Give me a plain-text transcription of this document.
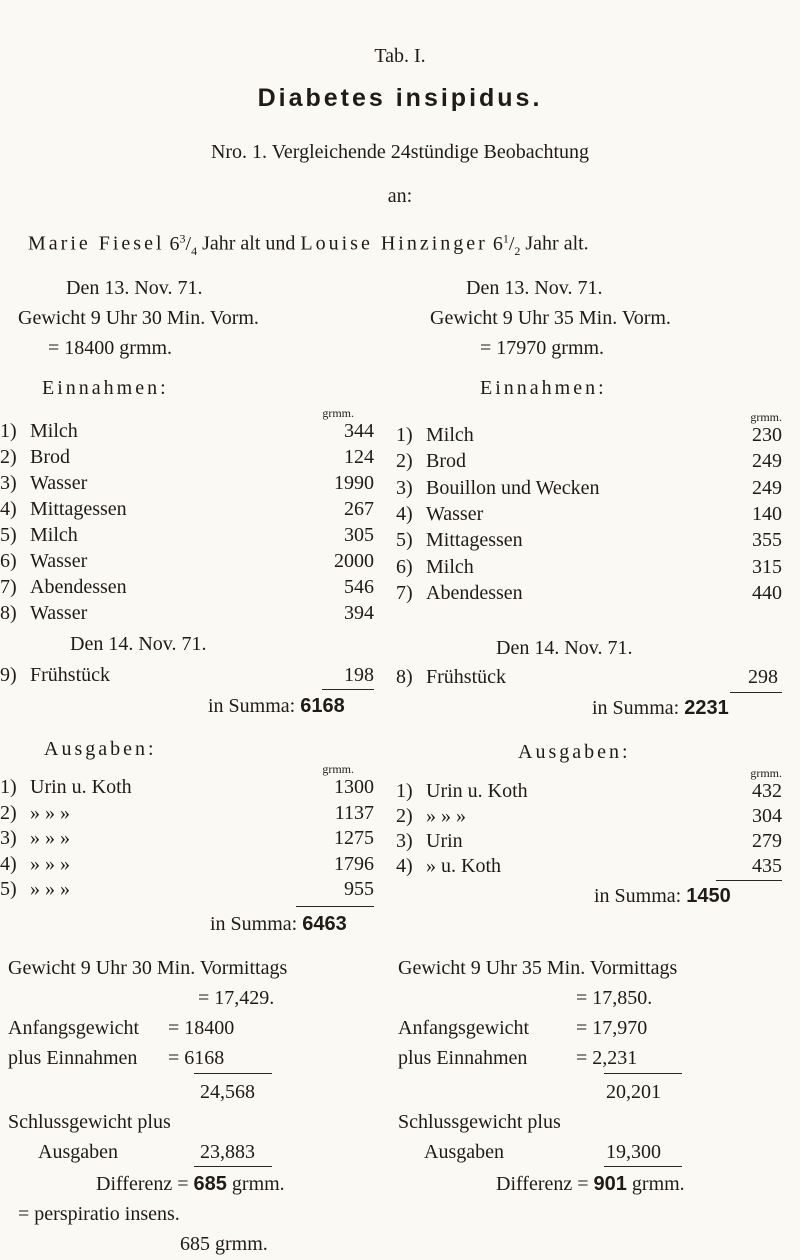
Tab. I.
Diabetes insipidus.
Nro. 1. Vergleichende 24stündige Beobachtung
an:
Marie Fiesel $6^3/_4$ Jahr alt und Louise Hinzinger $6^1/_2$ Jahr alt.
Den 13. Nov. 71.
Gewicht 9 Uhr 30 Min. Vorm.
= 18400 grmm.
Einnahmen:
grmm.
1) Milch	344
2) Brod	124
3) Wasser	1990
4) Mittagessen	267
5) Milch	305
6) Wasser	2000
7) Abendessen	546
8) Wasser	394
Den 14. Nov. 71.
9) Frühstück	198
in Summa: 6168
Ausgaben:
grmm.
1) Urin u. Koth	1300
2) » » »	1137
3) » » »	1275
4) » » »	1796
5) » » »	955
in Summa: 6463
Gewicht 9 Uhr 30 Min. Vormittags
= 17,429.
Anfangsgewicht = 18400
plus Einnahmen = 6168
24,568
Schlussgewicht plus
Ausgaben	23,883
Differenz = 685 grmm.
= perspiratio insens.
685 grmm.
Den 13. Nov. 71.
Gewicht 9 Uhr 35 Min. Vorm.
= 17970 grmm.
Einnahmen:
grmm.
1) Milch	230
2) Brod	249
3) Bouillon und Wecken	249
4) Wasser	140
5) Mittagessen	355
6) Milch	315
7) Abendessen	440
Den 14. Nov. 71.
8) Frühstück	298
in Summa: 2231
Ausgaben:
grmm.
1) Urin u. Koth	432
2) » » »	304
3) Urin	279
4) » u. Koth	435
in Summa: 1450
Gewicht 9 Uhr 35 Min. Vormittags
= 17,850.
Anfangsgewicht = 17,970
plus Einnahmen = 2,231
20,201
Schlussgewicht plus
Ausgaben	19,300
Differenz = 901 grmm.
